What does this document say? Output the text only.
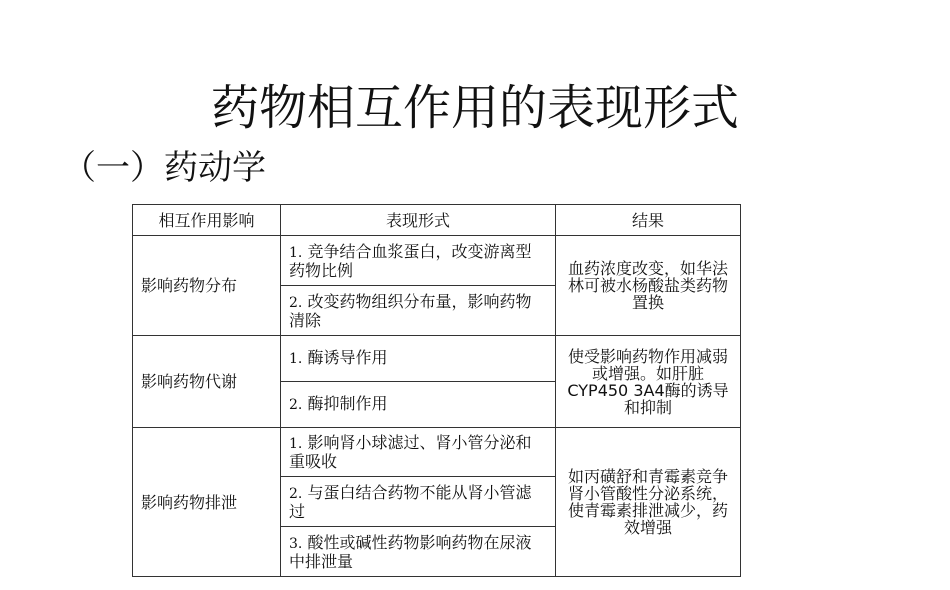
药物相互作用的表现形式
（一）药动学
相互作用影响	表现形式	结果
影响药物分布	1. 竞争结合血浆蛋白，改变游离型药物比例	血药浓度改变，如华法林可被水杨酸盐类药物置换
	2. 改变药物组织分布量，影响药物清除	
影响药物代谢	1. 酶诱导作用	使受影响药物作用减弱或增强。如肝脏CYP450 3A4酶的诱导和抑制
	2. 酶抑制作用	
影响药物排泄	1. 影响肾小球滤过、肾小管分泌和重吸收	如丙磺舒和青霉素竞争肾小管酸性分泌系统，使青霉素排泄减少，药效增强
	2. 与蛋白结合药物不能从肾小管滤过	
	3. 酸性或碱性药物影响药物在尿液中排泄量	
